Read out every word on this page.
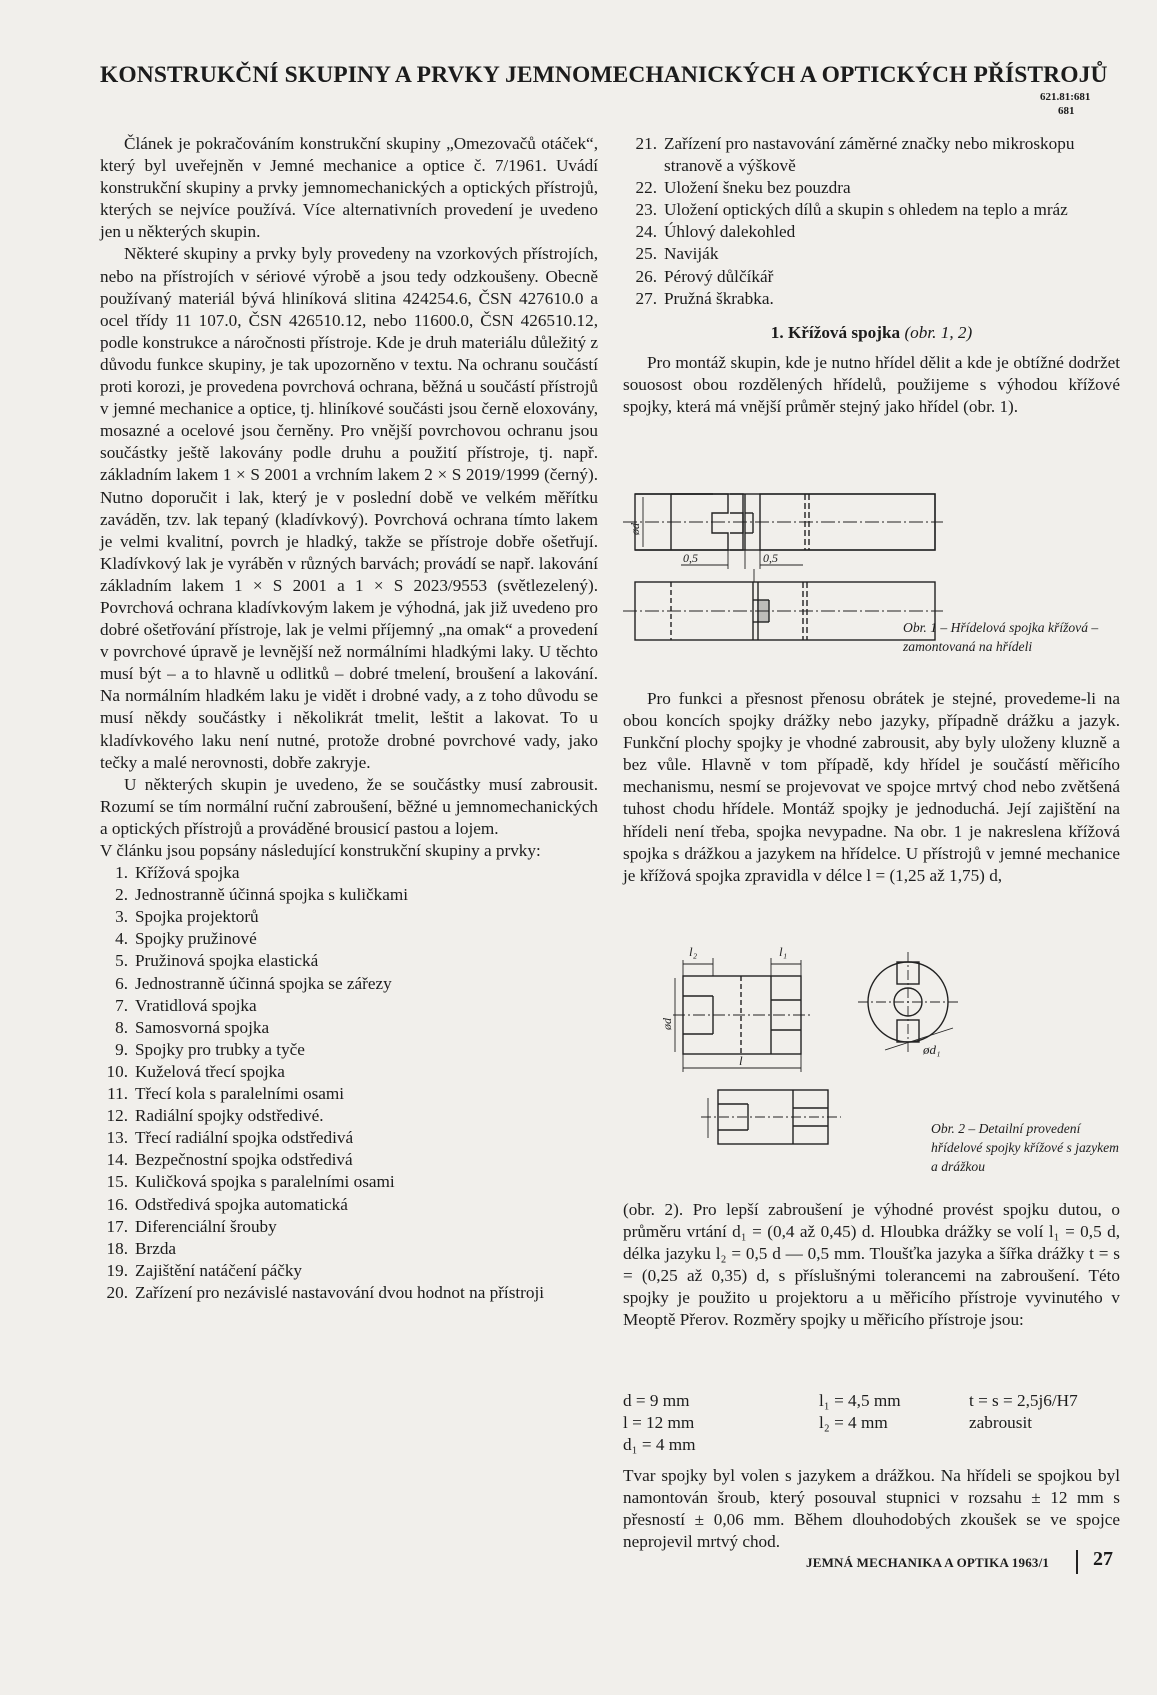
KONSTRUKČNÍ SKUPINY A PRVKY JEMNOMECHANICKÝCH A OPTICKÝCH PŘÍSTROJŮ
621.81:681
681

Článek je pokračováním konstrukční skupiny „Omezovačů otáček“, který byl uveřejněn v Jemné mechanice a optice č. 7/1961. Uvádí konstrukční skupiny a prvky jemnomechanických a optických přístrojů, kterých se nejvíce používá. Více alternativních provedení je uvedeno jen u některých skupin.

Některé skupiny a prvky byly provedeny na vzorkových přístrojích, nebo na přístrojích v sériové výrobě a jsou tedy odzkoušeny. Obecně používaný materiál bývá hliníková slitina 424254.6, ČSN 427610.0 a ocel třídy 11 107.0, ČSN 426510.12, nebo 11600.0, ČSN 426510.12, podle konstrukce a náročnosti přístroje. Kde je druh materiálu důležitý z důvodu funkce skupiny, je tak upozorněno v textu. Na ochranu součástí proti korozi, je provedena povrchová ochrana, běžná u součástí přístrojů v jemné mechanice a optice, tj. hliníkové součásti jsou černě eloxovány, mosazné a ocelové jsou černěny. Pro vnější povrchovou ochranu jsou součástky ještě lakovány podle druhu a použití přístroje, tj. např. základním lakem 1 × S 2001 a vrchním lakem 2 × S 2019/1999 (černý). Nutno doporučit i lak, který je v poslední době ve velkém měřítku zaváděn, tzv. lak tepaný (kladívkový). Povrchová ochrana tímto lakem je velmi kvalitní, povrch je hladký, takže se přístroje dobře ošetřují. Kladívkový lak je vyráběn v různých barvách; provádí se např. lakování základním lakem 1 × S 2001 a 1 × S 2023/9553 (světlezelený). Povrchová ochrana kladívkovým lakem je výhodná, jak již uvedeno pro dobré ošetřování přístroje, lak je velmi příjemný „na omak“ a provedení v povrchové úpravě je levnější než normálními hladkými laky. U těchto musí být – a to hlavně u odlitků – dobré tmelení, broušení a lakování. Na normálním hladkém laku je vidět i drobné vady, a z toho důvodu se musí někdy součástky i několikrát tmelit, leštit a lakovat. To u kladívkového laku není nutné, protože drobné povrchové vady, jako tečky a malé nerovnosti, dobře zakryje.

U některých skupin je uvedeno, že se součástky musí zabrousit. Rozumí se tím normální ruční zabroušení, běžné u jemnomechanických a optických přístrojů a prováděné brousicí pastou a lojem.

V článku jsou popsány následující konstrukční skupiny a prvky:

1. Křížová spojka
2. Jednostranně účinná spojka s kuličkami
3. Spojka projektorů
4. Spojky pružinové
5. Pružinová spojka elastická
6. Jednostranně účinná spojka se zářezy
7. Vratidlová spojka
8. Samosvorná spojka
9. Spojky pro trubky a tyče
10. Kuželová třecí spojka
11. Třecí kola s paralelními osami
12. Radiální spojky odstředivé.
13. Třecí radiální spojka odstředivá
14. Bezpečnostní spojka odstředivá
15. Kuličková spojka s paralelními osami
16. Odstředivá spojka automatická
17. Diferenciální šrouby
18. Brzda
19. Zajištění natáčení páčky
20. Zařízení pro nezávislé nastavování dvou hodnot na přístroji
21. Zařízení pro nastavování záměrné značky nebo mikroskopu stranově a výškově
22. Uložení šneku bez pouzdra
23. Uložení optických dílů a skupin s ohledem na teplo a mráz
24. Úhlový dalekohled
25. Naviják
26. Pérový důlčíkář
27. Pružná škrabka.
1. Křížová spojka (obr. 1, 2)

Pro montáž skupin, kde je nutno hřídel dělit a kde je obtížné dodržet souosost obou rozdělených hřídelů, použijeme s výhodou křížové spojky, která má vnější průměr stejný jako hřídel (obr. 1).

0,5	0,5
ød
Obr. 1 – Hřídelová spojka křížová – zamontovaná na hřídeli

Pro funkci a přesnost přenosu obrátek je stejné, provedeme-li na obou koncích spojky drážky nebo jazyky, případně drážku a jazyk. Funkční plochy spojky je vhodné zabrousit, aby byly uloženy kluzně a bez vůle. Hlavně v tom případě, kdy hřídel je součástí měřicího mechanismu, nesmí se projevovat ve spojce mrtvý chod nebo zvětšená tuhost chodu hřídele. Montáž spojky je jednoduchá. Její zajištění na hřídeli není třeba, spojka nevypadne. Na obr. 1 je nakreslena křížová spojka s drážkou a jazykem na hřídelce. U přístrojů v jemné mechanice je křížová spojka zpravidla v délce l = (1,25 až 1,75) d,

l₂	l₁
l
ød
ød₁
Obr. 2 – Detailní provedení hřídelové spojky křížové s jazykem a drážkou

(obr. 2). Pro lepší zabroušení je výhodné provést spojku dutou, o průměru vrtání d₁ = (0,4 až 0,45) d. Hloubka drážky se volí l₁ = 0,5 d, délka jazyku l₂ = 0,5 d — 0,5 mm. Tloušťka jazyka a šířka drážky t = s = (0,25 až 0,35) d, s příslušnými tolerancemi na zabroušení. Této spojky je použito u projektoru a u měřicího přístroje vyvinutého v Meoptě Přerov. Rozměry spojky u měřicího přístroje jsou:

d = 9 mm	l₁ = 4,5 mm	t = s = 2,5j6/H7
l = 12 mm	l₂ = 4 mm	zabrousit
d₁ = 4 mm

Tvar spojky byl volen s jazykem a drážkou. Na hřídeli se spojkou byl namontován šroub, který posouval stupnici v rozsahu ± 12 mm s přesností ± 0,06 mm. Během dlouhodobých zkoušek se ve spojce neprojevil mrtvý chod.

JEMNÁ MECHANIKA A OPTIKA 1963/1 27
